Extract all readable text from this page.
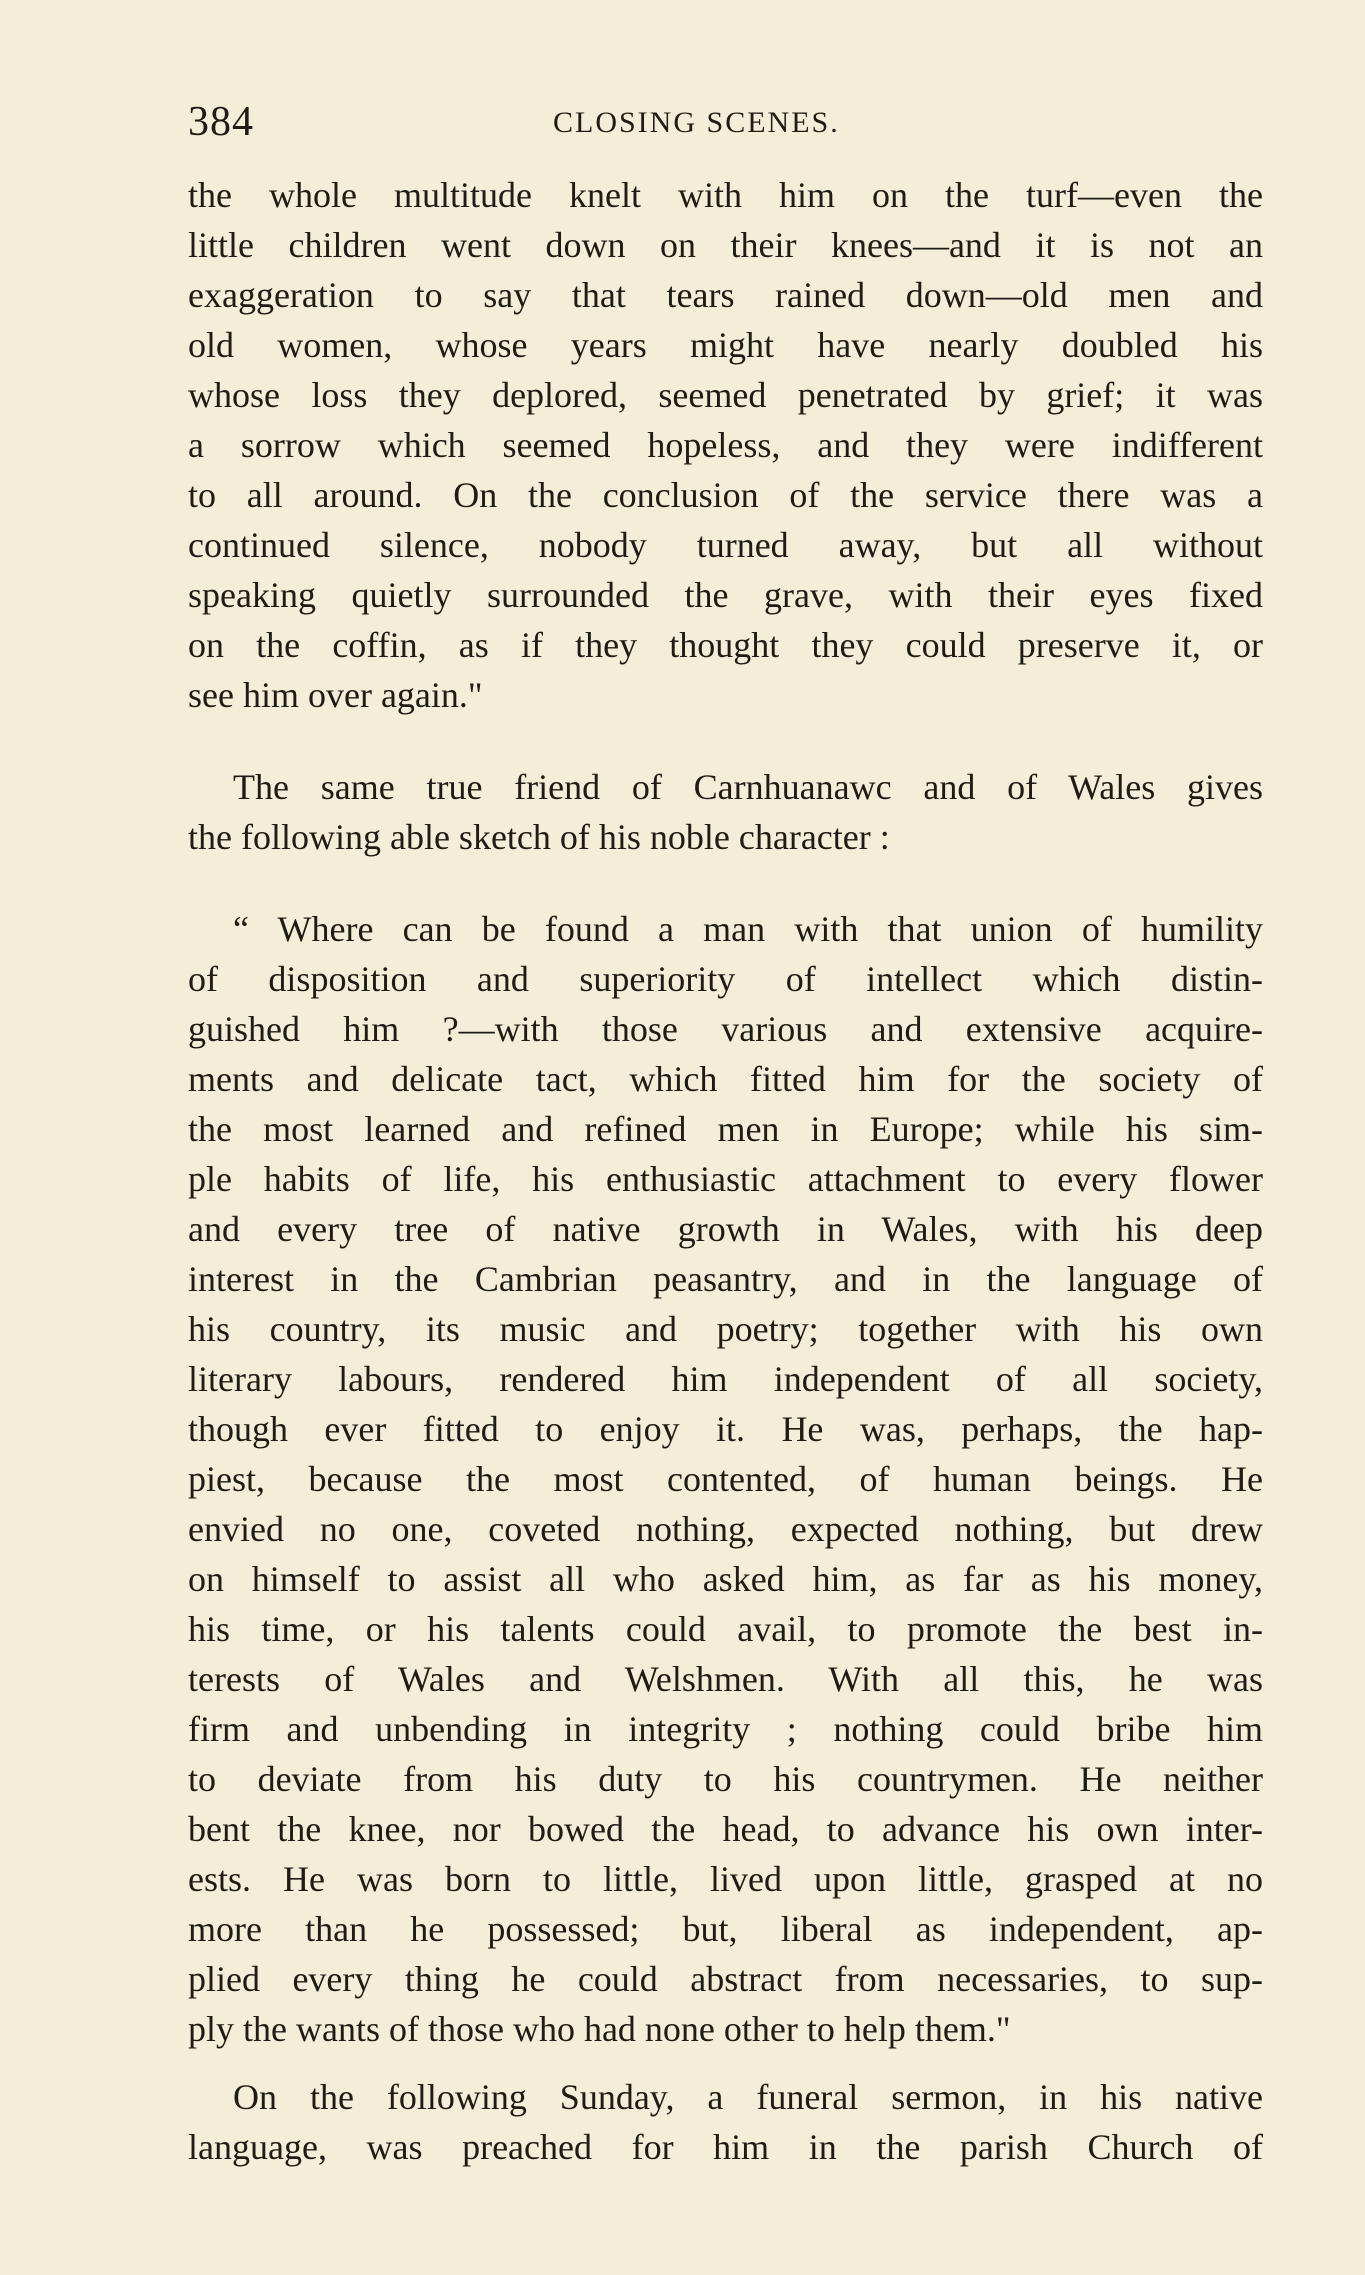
384	CLOSING SCENES.
the whole multitude knelt with him on the turf—even the
little children went down on their knees—and it is not an
exaggeration to say that tears rained down—old men and
old women, whose years might have nearly doubled his
whose loss they deplored, seemed penetrated by grief; it was
a sorrow which seemed hopeless, and they were indifferent
to all around. On the conclusion of the service there was a
continued silence, nobody turned away, but all without
speaking quietly surrounded the grave, with their eyes fixed
on the coffin, as if they thought they could preserve it, or
see him over again."
The same true friend of Carnhuanawc and of Wales gives
the following able sketch of his noble character :
“ Where can be found a man with that union of humility
of disposition and superiority of intellect which distin-
guished him ?—with those various and extensive acquire-
ments and delicate tact, which fitted him for the society of
the most learned and refined men in Europe; while his sim-
ple habits of life, his enthusiastic attachment to every flower
and every tree of native growth in Wales, with his deep
interest in the Cambrian peasantry, and in the language of
his country, its music and poetry; together with his own
literary labours, rendered him independent of all society,
though ever fitted to enjoy it. He was, perhaps, the hap-
piest, because the most contented, of human beings. He
envied no one, coveted nothing, expected nothing, but drew
on himself to assist all who asked him, as far as his money,
his time, or his talents could avail, to promote the best in-
terests of Wales and Welshmen. With all this, he was
firm and unbending in integrity ; nothing could bribe him
to deviate from his duty to his countrymen. He neither
bent the knee, nor bowed the head, to advance his own inter-
ests. He was born to little, lived upon little, grasped at no
more than he possessed; but, liberal as independent, ap-
plied every thing he could abstract from necessaries, to sup-
ply the wants of those who had none other to help them."
On the following Sunday, a funeral sermon, in his native
language, was preached for him in the parish Church of
